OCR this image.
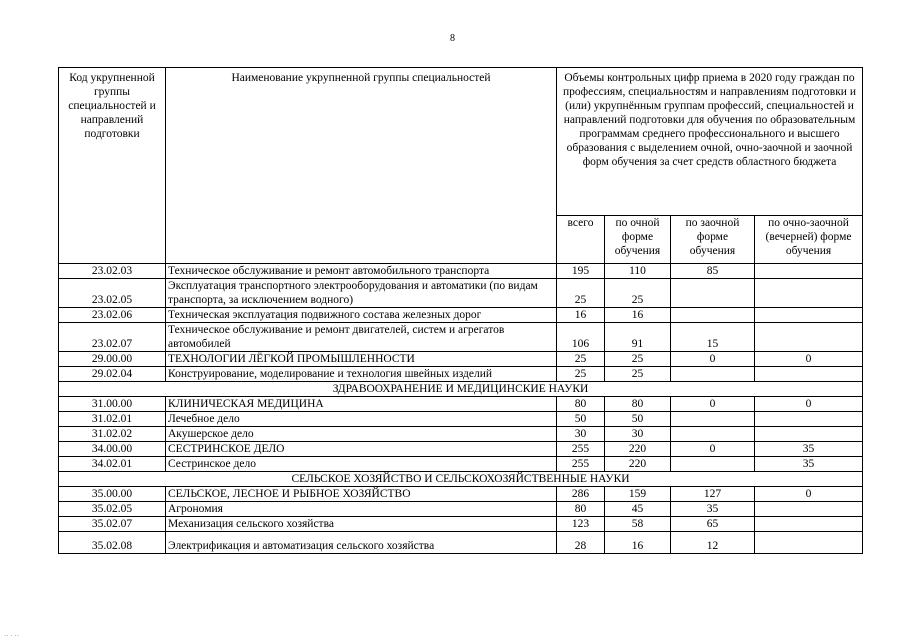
8
Код укрупненной группы специальностей и направлений подготовки	Наименование укрупненной группы специальностей	Объемы контрольных цифр приема в 2020 году граждан по профессиям, специальностям и направлениям подготовки и (или) укрупнённым группам профессий, специальностей и направлений подготовки для обучения по образовательным программам среднего профессионального и высшего образования с выделением очной, очно-заочной и заочной форм обучения за счет средств областного бюджета			
		всего	по очной форме обучения	по заочной форме обучения	по очно-заочной (вечерней) форме обучения
23.02.03	Техническое обслуживание и ремонт автомобильного транспорта	195	110	85	
23.02.05	Эксплуатация транспортного электрооборудования и автоматики (по видам транспорта, за исключением водного)	25	25		
23.02.06	Техническая эксплуатация подвижного состава железных дорог	16	16		
23.02.07	Техническое обслуживание и ремонт двигателей, систем и агрегатов автомобилей	106	91	15	
29.00.00	ТЕХНОЛОГИИ ЛЁГКОЙ ПРОМЫШЛЕННОСТИ	25	25	0	0
29.02.04	Конструирование, моделирование и технология швейных изделий	25	25		
ЗДРАВООХРАНЕНИЕ И МЕДИЦИНСКИЕ НАУКИ					
31.00.00	КЛИНИЧЕСКАЯ МЕДИЦИНА	80	80	0	0
31.02.01	Лечебное дело	50	50		
31.02.02	Акушерское дело	30	30		
34.00.00	СЕСТРИНСКОЕ ДЕЛО	255	220	0	35
34.02.01	Сестринское дело	255	220		35
СЕЛЬСКОЕ ХОЗЯЙСТВО И СЕЛЬСКОХОЗЯЙСТВЕННЫЕ НАУКИ					
35.00.00	СЕЛЬСКОЕ, ЛЕСНОЕ И РЫБНОЕ ХОЗЯЙСТВО	286	159	127	0
35.02.05	Агрономия	80	45	35	
35.02.07	Механизация сельского хозяйства	123	58	65	
35.02.08	Электрификация и автоматизация сельского хозяйства	28	16	12	
·· · ··
